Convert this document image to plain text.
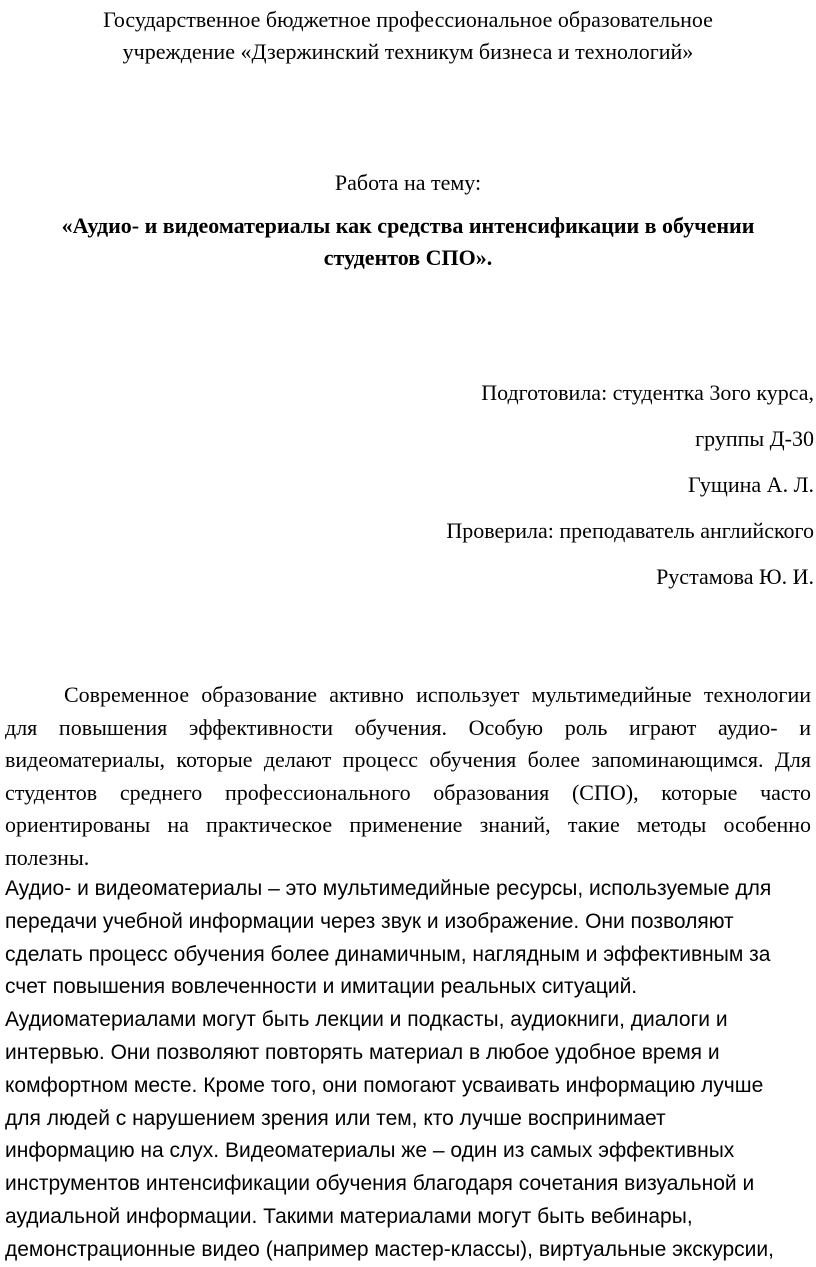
Государственное бюджетное профессиональное образовательное
учреждение «Дзержинский техникум бизнеса и технологий»
Работа на тему:
«Аудио- и видеоматериалы как средства интенсификации в обучении
студентов СПО».
Подготовила: студентка 3ого курса,
группы Д-30
Гущина А. Л.
Проверила: преподаватель английского
Рустамова Ю. И.

Современное образование активно использует мультимедийные технологии для повышения эффективности обучения. Особую роль играют аудио- и видеоматериалы, которые делают процесс обучения более запоминающимся. Для студентов среднего профессионального образования (СПО), которые часто ориентированы на практическое применение знаний, такие методы особенно полезны.

Аудио- и видеоматериалы – это мультимедийные ресурсы, используемые для
передачи учебной информации через звук и изображение. Они позволяют
сделать процесс обучения более динамичным, наглядным и эффективным за
счет повышения вовлеченности и имитации реальных ситуаций.
Аудиоматериалами могут быть лекции и подкасты, аудиокниги, диалоги и
интервью. Они позволяют повторять материал в любое удобное время и
комфортном месте. Кроме того, они помогают усваивать информацию лучше
для людей с нарушением зрения или тем, кто лучше воспринимает
информацию на слух. Видеоматериалы же – один из самых эффективных
инструментов интенсификации обучения благодаря сочетания визуальной и
аудиальной информации. Такими материалами могут быть вебинары,
демонстрационные видео (например мастер-классы), виртуальные экскурсии,
